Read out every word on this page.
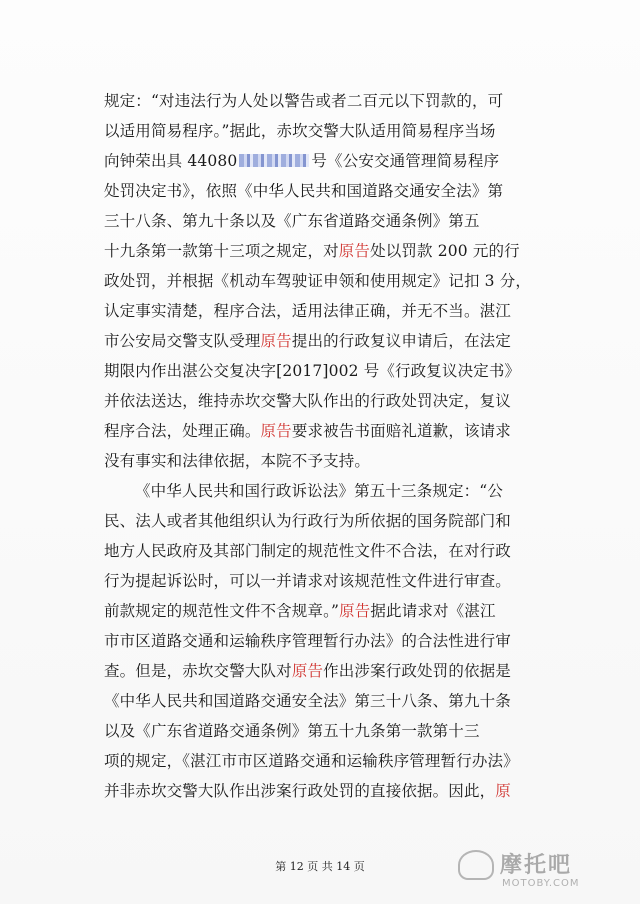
规定：“对违法行为人处以警告或者二百元以下罚款的，可
以适用简易程序。”据此，赤坎交警大队适用简易程序当场
向钟荣出具 44080	号《公安交通管理简易程序
处罚决定书》，依照《中华人民共和国道路交通安全法》第
三十八条、第九十条以及《广东省道路交通条例》第五
十九条第一款第十三项之规定，对原告处以罚款 200 元的行
政处罚，并根据《机动车驾驶证申领和使用规定》记扣 3 分，
认定事实清楚，程序合法，适用法律正确，并无不当。湛江
市公安局交警支队受理原告提出的行政复议申请后，在法定
期限内作出湛公交复决字[2017]002 号《行政复议决定书》
并依法送达，维持赤坎交警大队作出的行政处罚决定，复议
程序合法，处理正确。原告要求被告书面赔礼道歉，该请求
没有事实和法律依据，本院不予支持。
《中华人民共和国行政诉讼法》第五十三条规定：“公
民、法人或者其他组织认为行政行为所依据的国务院部门和
地方人民政府及其部门制定的规范性文件不合法，在对行政
行为提起诉讼时，可以一并请求对该规范性文件进行审查。
前款规定的规范性文件不含规章。”原告据此请求对《湛江
市市区道路交通和运输秩序管理暂行办法》的合法性进行审
查。但是，赤坎交警大队对原告作出涉案行政处罚的依据是
《中华人民共和国道路交通安全法》第三十八条、第九十条
以及《广东省道路交通条例》第五十九条第一款第十三
项的规定，《湛江市市区道路交通和运输秩序管理暂行办法》
并非赤坎交警大队作出涉案行政处罚的直接依据。因此，原
第 12 页 共 14 页	摩托吧
MOTOBY.COM
